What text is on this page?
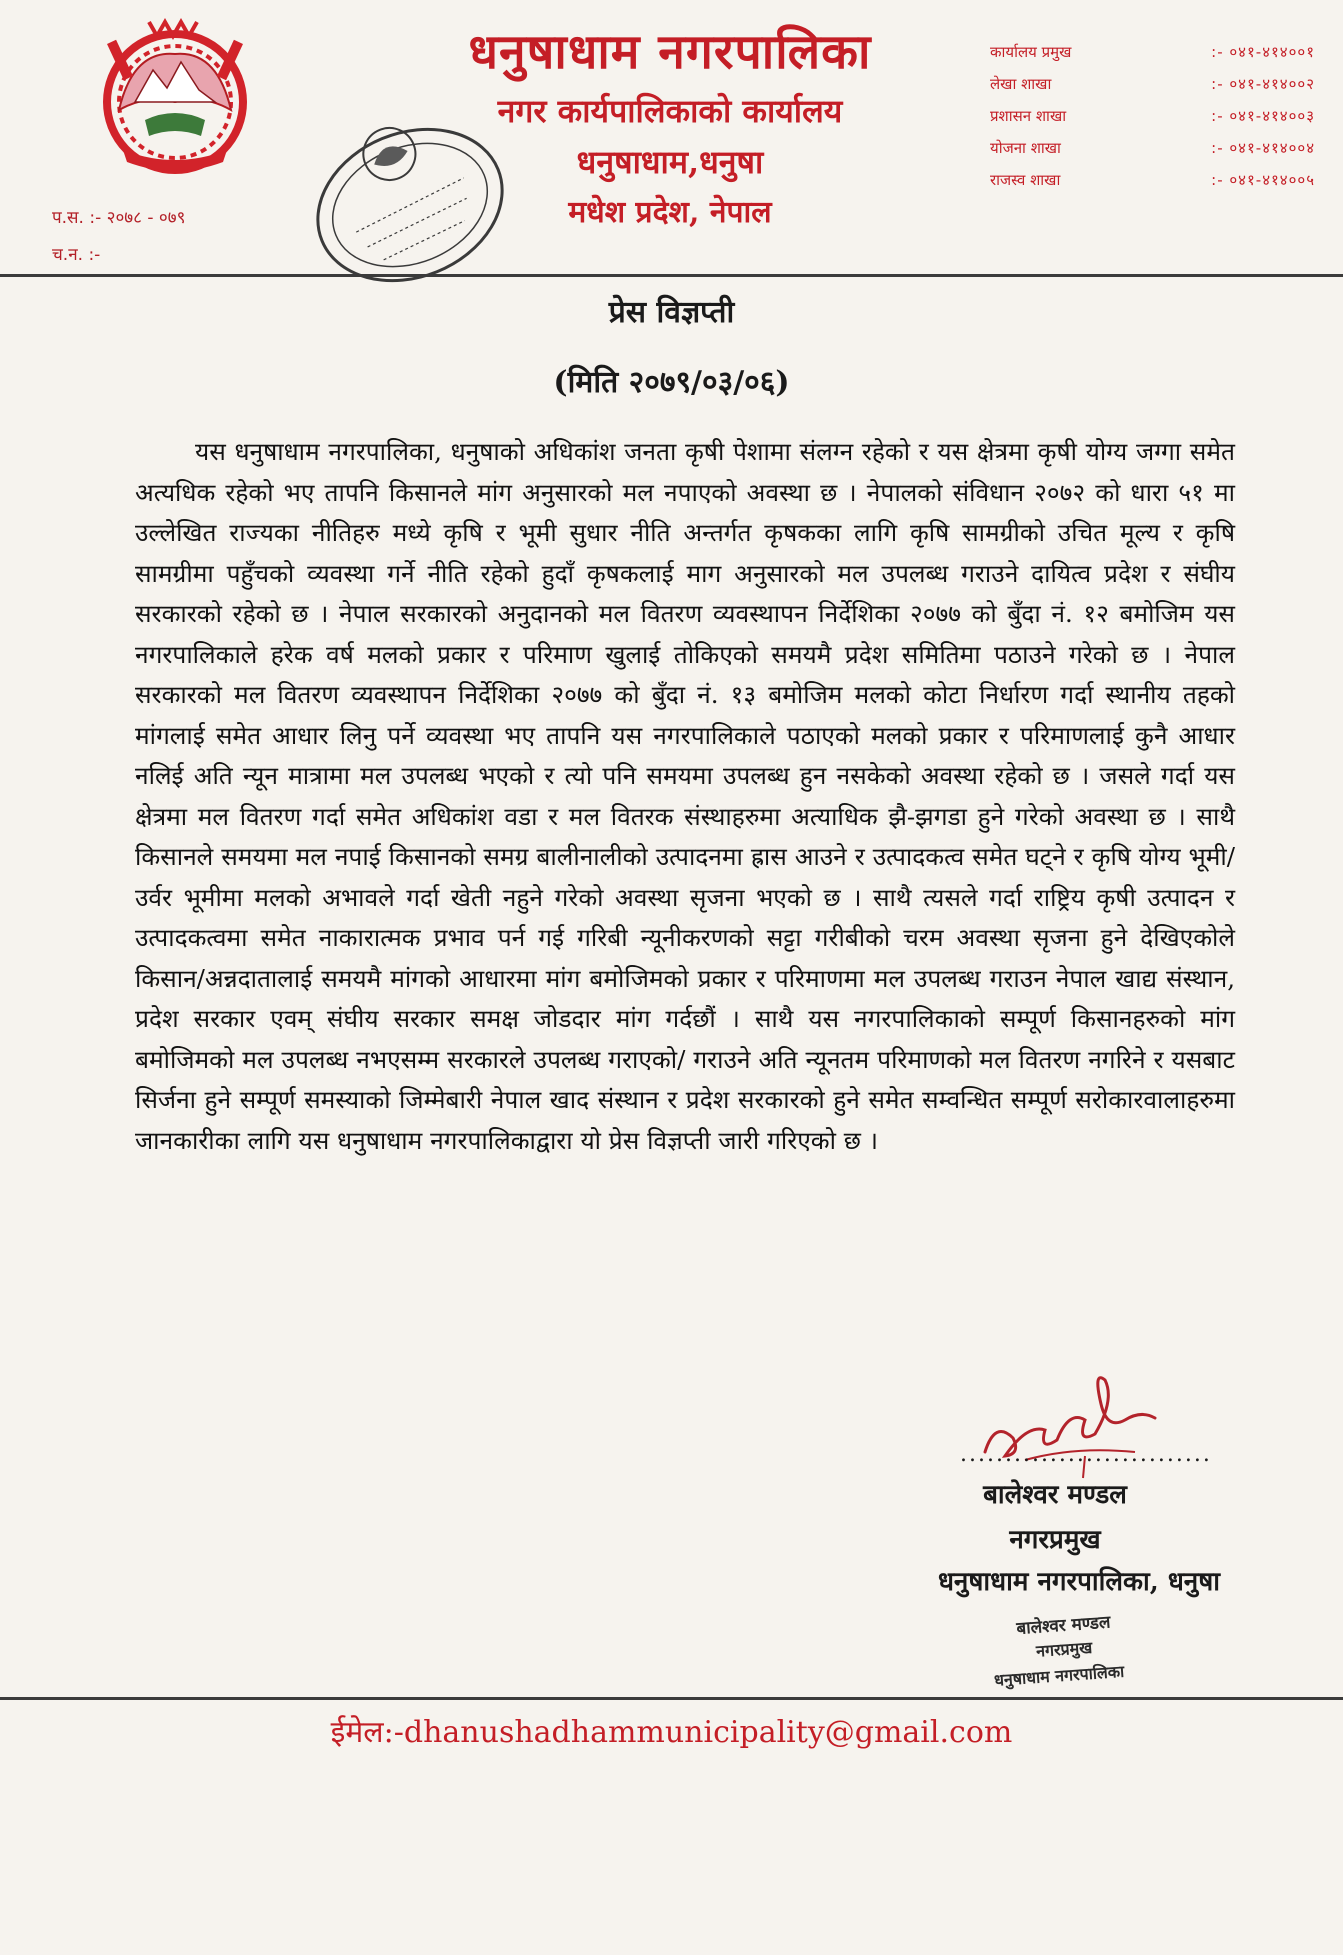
प.स. :- २०७८ - ०७९
च.न. :-
धनुषाधाम नगरपालिका
नगर कार्यपालिकाको कार्यालय
धनुषाधाम,धनुषा
मधेश प्रदेश, नेपाल
कार्यालय प्रमुख	:- ०४१-४१४००१
लेखा शाखा	:- ०४१-४१४००२
प्रशासन शाखा	:- ०४१-४१४००३
योजना शाखा	:- ०४१-४१४००४
राजस्व शाखा	:- ०४१-४१४००५
प्रेस विज्ञप्ती
(मिति २०७९/०३/०६)
यस धनुषाधाम नगरपालिका, धनुषाको अधिकांश जनता कृषी पेशामा संलग्न रहेको र यस क्षेत्रमा कृषी योग्य जग्गा समेत अत्यधिक रहेको भए तापनि किसानले मांग अनुसारको मल नपाएको अवस्था छ । नेपालको संविधान २०७२ को धारा ५१ मा उल्लेखित राज्यका नीतिहरु मध्ये कृषि र भूमी सुधार नीति अन्तर्गत कृषकका लागि कृषि सामग्रीको उचित मूल्य र कृषि सामग्रीमा पहुँचको व्यवस्था गर्ने नीति रहेको हुदाँ कृषकलाई माग अनुसारको मल उपलब्ध गराउने दायित्व प्रदेश र संघीय सरकारको रहेको छ । नेपाल सरकारको अनुदानको मल वितरण व्यवस्थापन निर्देशिका २०७७ को बुँदा नं. १२ बमोजिम यस नगरपालिकाले हरेक वर्ष मलको प्रकार र परिमाण खुलाई तोकिएको समयमै प्रदेश समितिमा पठाउने गरेको छ । नेपाल सरकारको मल वितरण व्यवस्थापन निर्देशिका २०७७ को बुँदा नं. १३ बमोजिम मलको कोटा निर्धारण गर्दा स्थानीय तहको मांगलाई समेत आधार लिनु पर्ने व्यवस्था भए तापनि यस नगरपालिकाले पठाएको मलको प्रकार र परिमाणलाई कुनै आधार नलिई अति न्यून मात्रामा मल उपलब्ध भएको र त्यो पनि समयमा उपलब्ध हुन नसकेको अवस्था रहेको छ । जसले गर्दा यस क्षेत्रमा मल वितरण गर्दा समेत अधिकांश वडा र मल वितरक संस्थाहरुमा अत्याधिक झै-झगडा हुने गरेको अवस्था छ । साथै किसानले समयमा मल नपाई किसानको समग्र बालीनालीको उत्पादनमा ह्रास आउने र उत्पादकत्व समेत घट्ने र कृषि योग्य भूमी/ उर्वर भूमीमा मलको अभावले गर्दा खेती नहुने गरेको अवस्था सृजना भएको छ । साथै त्यसले गर्दा राष्ट्रिय कृषी उत्पादन र उत्पादकत्वमा समेत नाकारात्मक प्रभाव पर्न गई गरिबी न्यूनीकरणको सट्टा गरीबीको चरम अवस्था सृजना हुने देखिएकोले किसान/अन्नदातालाई समयमै मांगको आधारमा मांग बमोजिमको प्रकार र परिमाणमा मल उपलब्ध गराउन नेपाल खाद्य संस्थान, प्रदेश सरकार एवम् संघीय सरकार समक्ष जोडदार मांग गर्दछौं । साथै यस नगरपालिकाको सम्पूर्ण किसानहरुको मांग बमोजिमको मल उपलब्ध नभएसम्म सरकारले उपलब्ध गराएको/ गराउने अति न्यूनतम परिमाणको मल वितरण नगरिने र यसबाट सिर्जना हुने सम्पूर्ण समस्याको जिम्मेबारी नेपाल खाद संस्थान र प्रदेश सरकारको हुने समेत सम्वन्धित सम्पूर्ण सरोकारवालाहरुमा जानकारीका लागि यस धनुषाधाम नगरपालिकाद्वारा यो प्रेस विज्ञप्ती जारी गरिएको छ ।
............................
बालेश्वर मण्डल
नगरप्रमुख
धनुषाधाम नगरपालिका, धनुषा
बालेश्वर मण्डल
नगरप्रमुख
धनुषाधाम नगरपालिका
ईमेल:-dhanushadhammunicipality@gmail.com
